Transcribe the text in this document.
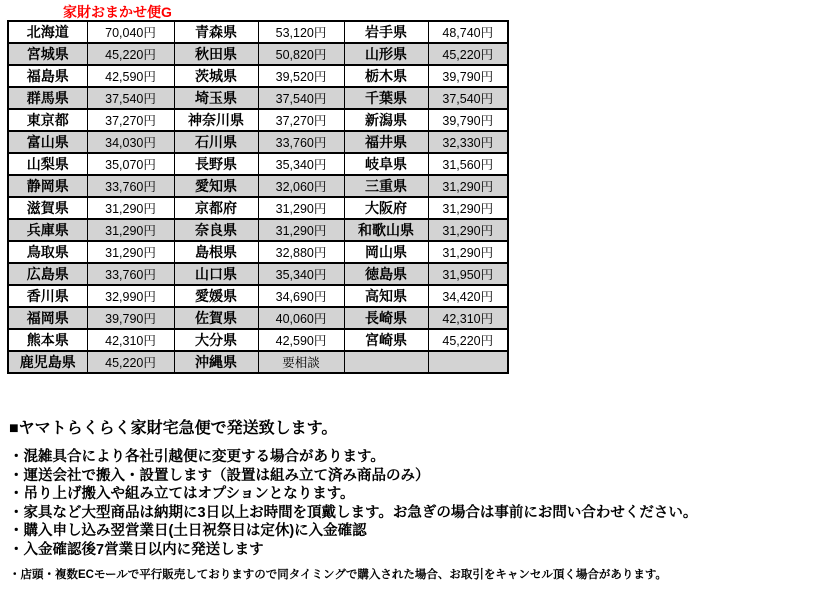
家財おまかせ便G
北海道	70,040円	青森県	53,120円	岩手県	48,740円
宮城県	45,220円	秋田県	50,820円	山形県	45,220円
福島県	42,590円	茨城県	39,520円	栃木県	39,790円
群馬県	37,540円	埼玉県	37,540円	千葉県	37,540円
東京都	37,270円	神奈川県	37,270円	新潟県	39,790円
富山県	34,030円	石川県	33,760円	福井県	32,330円
山梨県	35,070円	長野県	35,340円	岐阜県	31,560円
静岡県	33,760円	愛知県	32,060円	三重県	31,290円
滋賀県	31,290円	京都府	31,290円	大阪府	31,290円
兵庫県	31,290円	奈良県	31,290円	和歌山県	31,290円
鳥取県	31,290円	島根県	32,880円	岡山県	31,290円
広島県	33,760円	山口県	35,340円	徳島県	31,950円
香川県	32,990円	愛媛県	34,690円	高知県	34,420円
福岡県	39,790円	佐賀県	40,060円	長崎県	42,310円
熊本県	42,310円	大分県	42,590円	宮崎県	45,220円
鹿児島県	45,220円	沖縄県	要相談		
■ヤマトらくらく家財宅急便で発送致します。
・混雑具合により各社引越便に変更する場合があります。
・運送会社で搬入・設置します（設置は組み立て済み商品のみ）
・吊り上げ搬入や組み立てはオプションとなります。
・家具など大型商品は納期に3日以上お時間を頂戴します。お急ぎの場合は事前にお問い合わせください。
・購入申し込み翌営業日(土日祝祭日は定休)に入金確認
・入金確認後7営業日以内に発送します
・店頭・複数ECモールで平行販売しておりますので同タイミングで購入された場合、お取引をキャンセル頂く場合があります。
